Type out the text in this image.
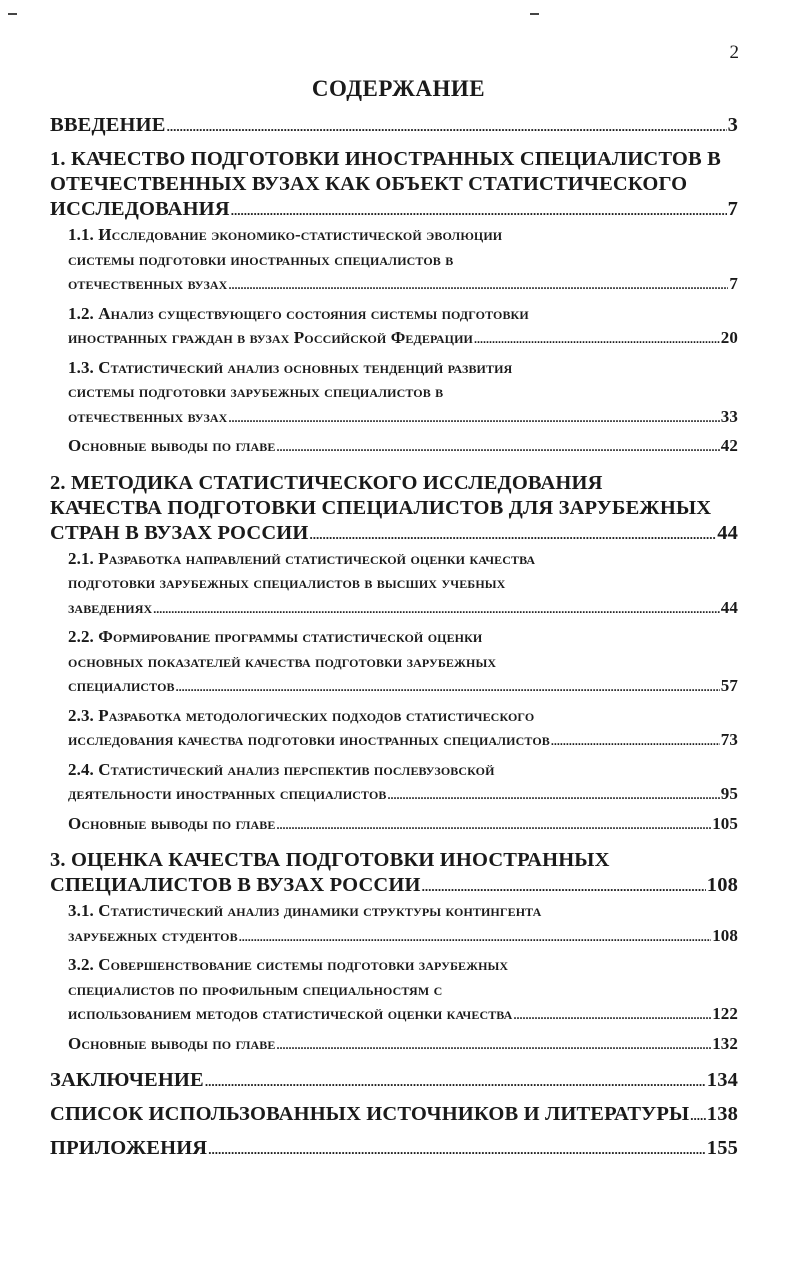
2
СОДЕРЖАНИЕ
ВВЕДЕНИЕ .....	3
1. КАЧЕСТВО ПОДГОТОВКИ ИНОСТРАННЫХ СПЕЦИАЛИСТОВ В
ОТЕЧЕСТВЕННЫХ ВУЗАХ КАК ОБЪЕКТ СТАТИСТИЧЕСКОГО
ИССЛЕДОВАНИЯ .....	7
1.1. Исследование экономико-статистической эволюции
системы подготовки иностранных специалистов в
отечественных вузах .....	7
1.2. Анализ существующего состояния системы подготовки
иностранных граждан в вузах Российской Федерации .....	20
1.3. Статистический анализ основных тенденций развития
системы подготовки зарубежных специалистов в
отечественных вузах .....	33
Основные выводы по главе .....	42
2. МЕТОДИКА СТАТИСТИЧЕСКОГО ИССЛЕДОВАНИЯ
КАЧЕСТВА ПОДГОТОВКИ СПЕЦИАЛИСТОВ ДЛЯ ЗАРУБЕЖНЫХ
СТРАН В ВУЗАХ РОССИИ .....	44
2.1. Разработка направлений статистической оценки качества
подготовки зарубежных специалистов в высших учебных
заведениях .....	44
2.2. Формирование программы статистической оценки
основных показателей качества подготовки зарубежных
специалистов .....	57
2.3. Разработка методологических подходов статистического
исследования качества подготовки иностранных специалистов .....	73
2.4. Статистический анализ перспектив послевузовской
деятельности иностранных специалистов .....	95
Основные выводы по главе .....	105
3. ОЦЕНКА КАЧЕСТВА ПОДГОТОВКИ ИНОСТРАННЫХ
СПЕЦИАЛИСТОВ В ВУЗАХ РОССИИ .....	108
3.1. Статистический анализ динамики структуры контингента
зарубежных студентов .....	108
3.2. Совершенствование системы подготовки зарубежных
специалистов по профильным специальностям с
использованием методов статистической оценки качества .....	122
Основные выводы по главе .....	132
ЗАКЛЮЧЕНИЕ .....	134
СПИСОК ИСПОЛЬЗОВАННЫХ ИСТОЧНИКОВ И ЛИТЕРАТУРЫ ..... 138
ПРИЛОЖЕНИЯ .....	155
